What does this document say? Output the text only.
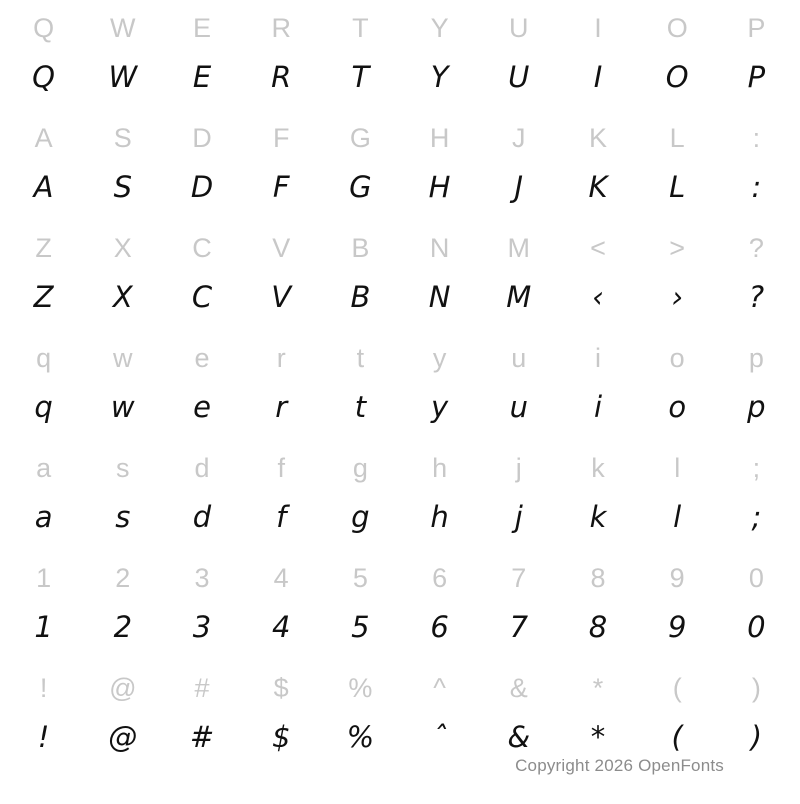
Q	W	E	R	T	Y	U	I	O	P
Q	W	E	R	T	Y	U	I	O	P
A	S	D	F	G	H	J	K	L	:
A	S	D	F	G	H	J	K	L	:
Z	X	C	V	B	N	M	<	>	?
Z	X	C	V	B	N	M	‹	›	?
q	w	e	r	t	y	u	i	o	p
q	w	e	r	t	y	u	i	o	p
a	s	d	f	g	h	j	k	l	;
a	s	d	f	g	h	j	k	l	;
1	2	3	4	5	6	7	8	9	0
1	2	3	4	5	6	7	8	9	0
!	@	#	$	%	^	&	*	(	)
!	@	#	$	%	ˆ	&	*	(	)
Copyright 2026 OpenFonts
